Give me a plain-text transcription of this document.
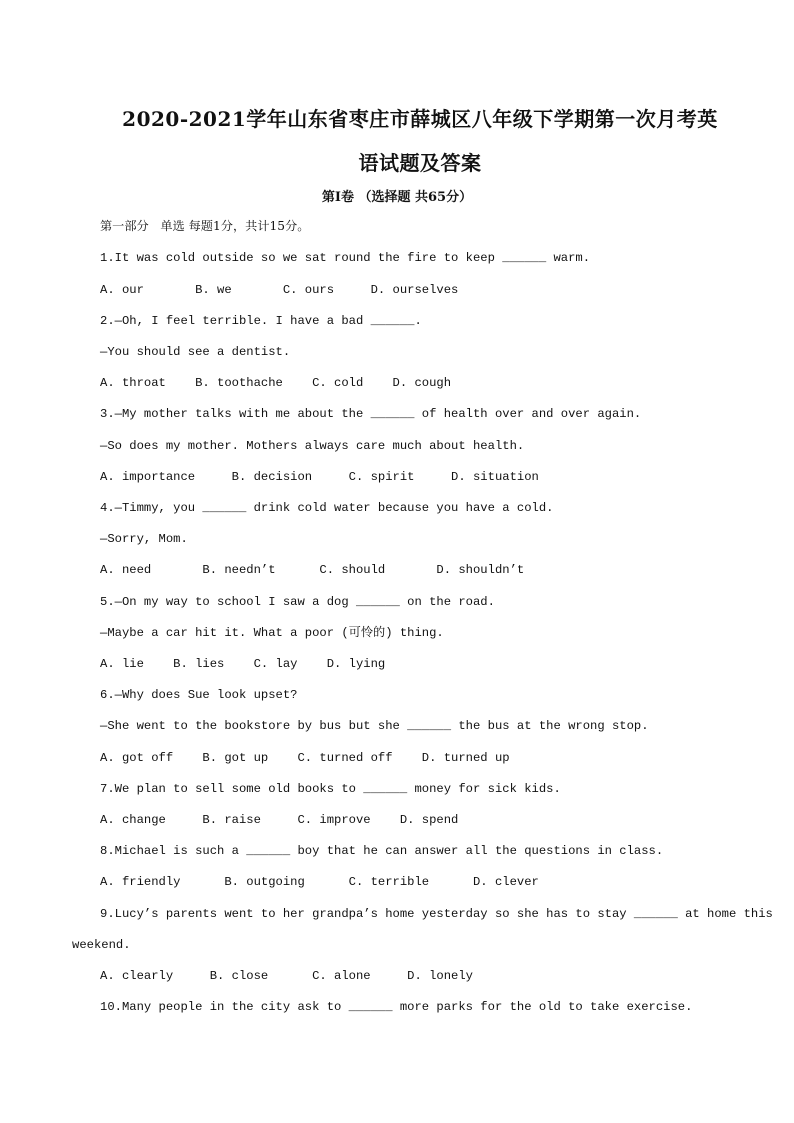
2020-2021学年山东省枣庄市薛城区八年级下学期第一次月考英
语试题及答案
第Ⅰ卷 （选择题 共65分）
第一部分   单选 每题1分，共计15分。
1.It was cold outside so we sat round the fire to keep ______ warm.
A. our       B. we       C. ours     D. ourselves
2.—Oh, I feel terrible. I have a bad ______.
—You should see a dentist.
A. throat    B. toothache    C. cold    D. cough
3.—My mother talks with me about the ______ of health over and over again.
—So does my mother. Mothers always care much about health.
A. importance     B. decision     C. spirit     D. situation
4.—Timmy, you ______ drink cold water because you have a cold.
—Sorry, Mom.
A. need       B. needn’t      C. should       D. shouldn’t
5.—On my way to school I saw a dog ______ on the road.
—Maybe a car hit it. What a poor (可怜的) thing.
A. lie    B. lies    C. lay    D. lying
6.—Why does Sue look upset?
—She went to the bookstore by bus but she ______ the bus at the wrong stop.
A. got off    B. got up    C. turned off    D. turned up
7.We plan to sell some old books to ______ money for sick kids.
A. change     B. raise     C. improve    D. spend
8.Michael is such a ______ boy that he can answer all the questions in class.
A. friendly      B. outgoing      C. terrible      D. clever
9.Lucy’s parents went to her grandpa’s home yesterday so she has to stay ______ at home this
weekend.
A. clearly     B. close      C. alone     D. lonely
10.Many people in the city ask to ______ more parks for the old to take exercise.
